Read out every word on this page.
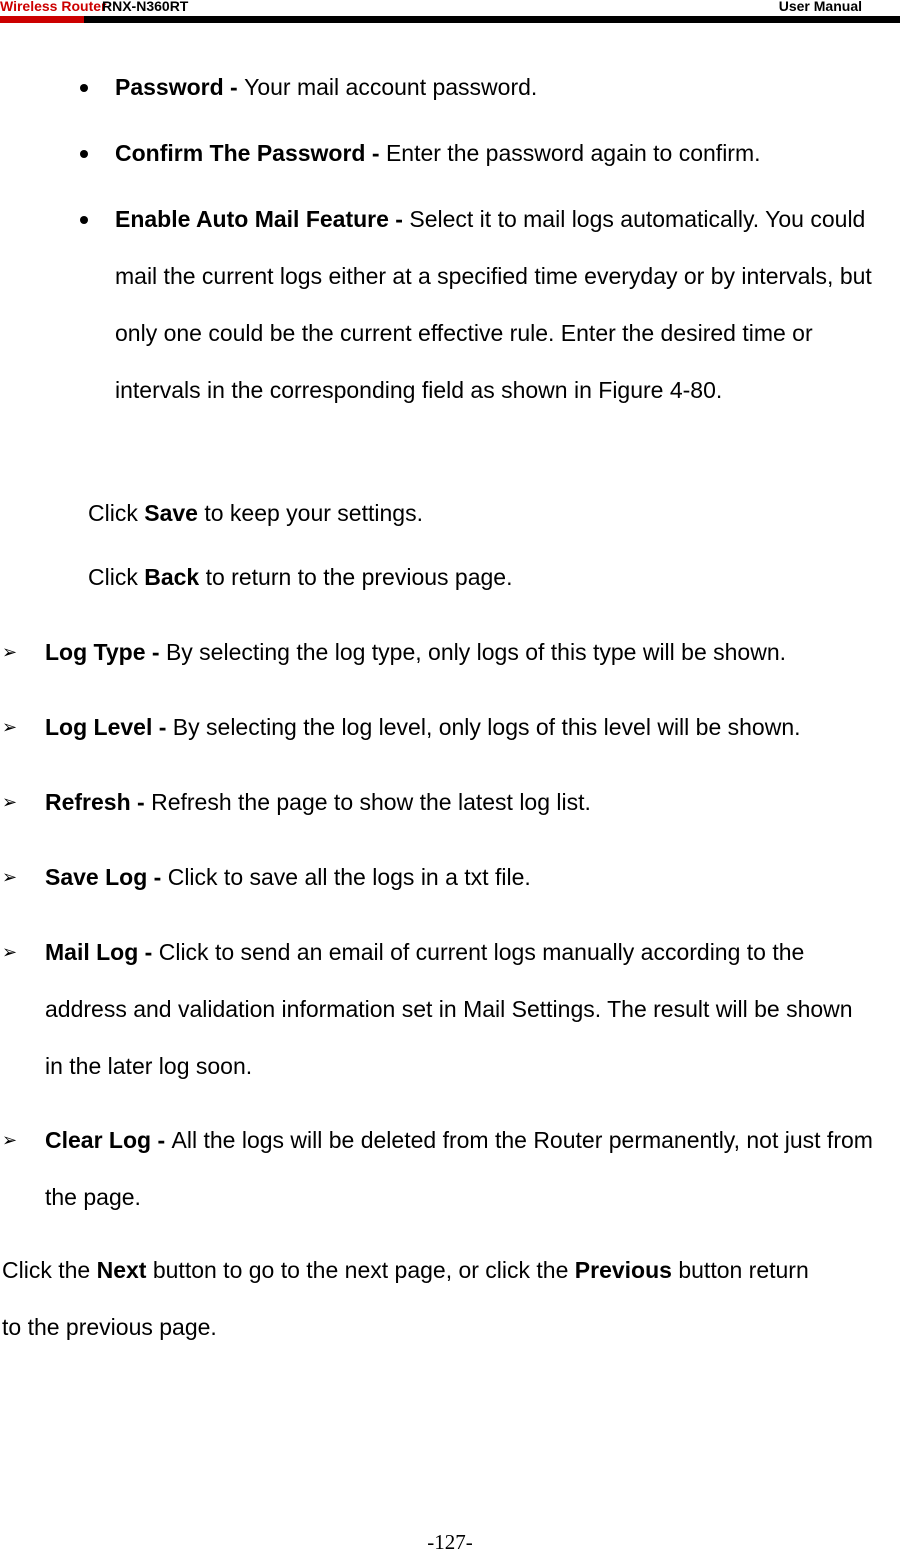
Wireless Router
RNX-N360RT	User Manual

Password - Your mail account password.

Confirm The Password - Enter the password again to confirm.

Enable Auto Mail Feature - Select it to mail logs automatically. You could mail the current logs either at a specified time everyday or by intervals, but only one could be the current effective rule. Enter the desired time or intervals in the corresponding field as shown in Figure 4-80.

Click Save to keep your settings.

Click Back to return to the previous page.

➢ Log Type - By selecting the log type, only logs of this type will be shown.

➢ Log Level - By selecting the log level, only logs of this level will be shown.

➢ Refresh - Refresh the page to show the latest log list.

➢ Save Log - Click to save all the logs in a txt file.

➢ Mail Log - Click to send an email of current logs manually according to the address and validation information set in Mail Settings. The result will be shown in the later log soon.

➢ Clear Log - All the logs will be deleted from the Router permanently, not just from the page.

Click the Next button to go to the next page, or click the Previous button return to the previous page.

-127-
